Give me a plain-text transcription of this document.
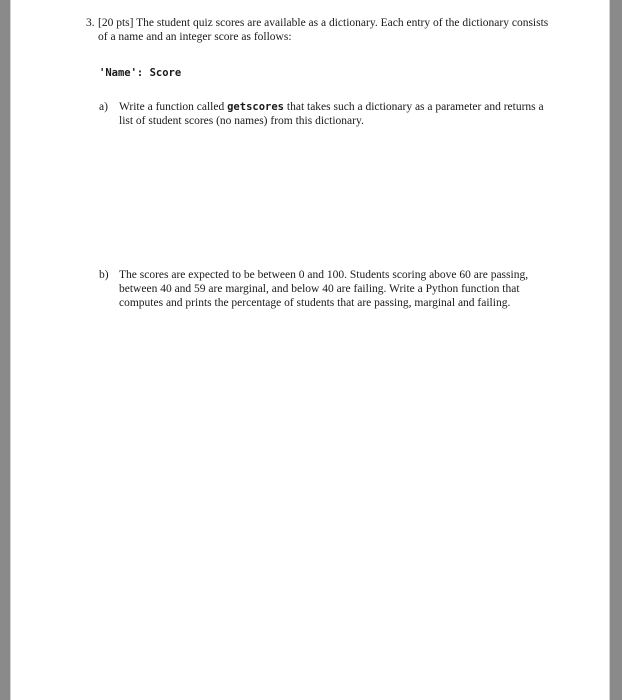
3. [20 pts] The student quiz scores are available as a dictionary. Each entry of the dictionary consists of a name and an integer score as follows:
'Name': Score
a) Write a function called getscores that takes such a dictionary as a parameter and returns a list of student scores (no names) from this dictionary.
b) The scores are expected to be between 0 and 100. Students scoring above 60 are passing, between 40 and 59 are marginal, and below 40 are failing. Write a Python function that computes and prints the percentage of students that are passing, marginal and failing.
